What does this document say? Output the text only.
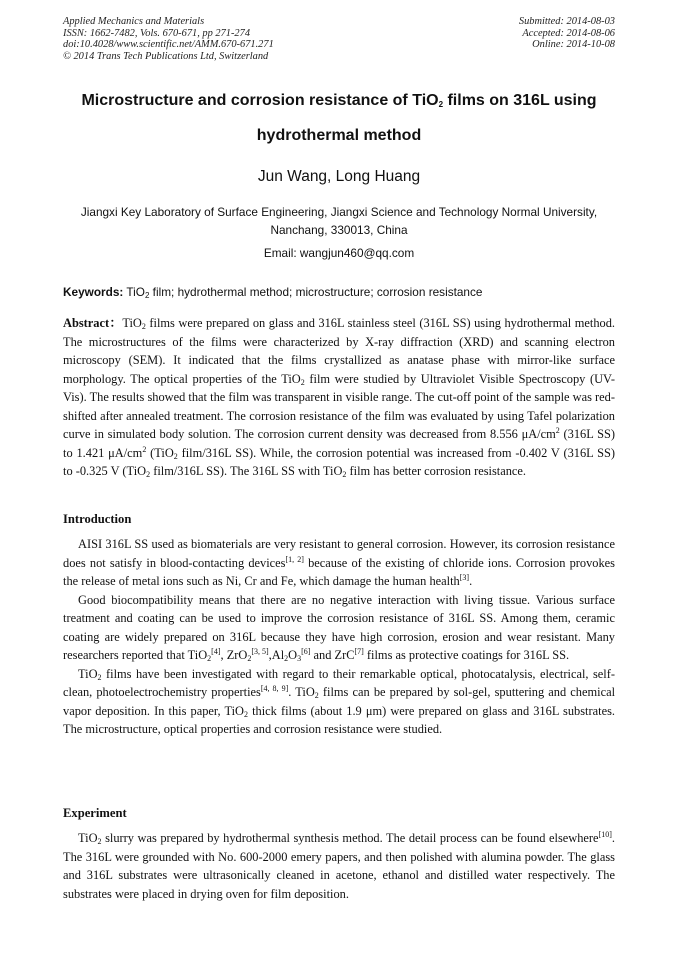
Applied Mechanics and Materials
ISSN: 1662-7482, Vols. 670-671, pp 271-274
doi:10.4028/www.scientific.net/AMM.670-671.271
© 2014 Trans Tech Publications Ltd, Switzerland
Submitted: 2014-08-03
Accepted: 2014-08-06
Online: 2014-10-08
Microstructure and corrosion resistance of TiO$_2$ films on 316L using
hydrothermal method
Jun Wang, Long Huang
Jiangxi Key Laboratory of Surface Engineering, Jiangxi Science and Technology Normal University,
Nanchang, 330013, China
Email: wangjun460@qq.com
Keywords: TiO$_2$ film; hydrothermal method; microstructure; corrosion resistance

Abstract：TiO$_2$ films were prepared on glass and 316L stainless steel (316L SS) using hydrothermal method. The microstructures of the films were characterized by X-ray diffraction (XRD) and scanning electron microscopy (SEM). It indicated that the films crystallized as anatase phase with mirror-like surface morphology. The optical properties of the TiO$_2$ film were studied by Ultraviolet Visible Spectroscopy (UV-Vis). The results showed that the film was transparent in visible range. The cut-off point of the sample was red-shifted after annealed treatment. The corrosion resistance of the film was evaluated by using Tafel polarization curve in simulated body solution. The corrosion current density was decreased from 8.556 $\mu A/cm^2$ (316L SS) to 1.421 $\mu A/cm^2$ (TiO$_2$ film/316L SS). While, the corrosion potential was increased from -0.402 V (316L SS) to -0.325 V (TiO$_2$ film/316L SS). The 316L SS with TiO$_2$ film has better corrosion resistance.

Introduction

AISI 316L SS used as biomaterials are very resistant to general corrosion. However, its corrosion resistance does not satisfy in blood-contacting devices[1, 2] because of the existing of chloride ions. Corrosion provokes the release of metal ions such as Ni, Cr and Fe, which damage the human health[3].

Good biocompatibility means that there are no negative interaction with living tissue. Various surface treatment and coating can be used to improve the corrosion resistance of 316L SS. Among them, ceramic coating are widely prepared on 316L because they have high corrosion, erosion and wear resistant. Many researchers reported that TiO$_2$[4], $ZrO_2[3, 5],Al_2O_3[6]$ and ZrC[7] films as protective coatings for 316L SS.

TiO$_2$ films have been investigated with regard to their remarkable optical, photocatalysis, electrical, self-clean, photoelectrochemistry properties[4, 8, 9]. TiO$_2$ films can be prepared by sol-gel, sputtering and chemical vapor deposition. In this paper, TiO$_2$ thick films (about 1.9 μm) were prepared on glass and 316L substrates. The microstructure, optical properties and corrosion resistance were studied.

Experiment

TiO$_2$ slurry was prepared by hydrothermal synthesis method. The detail process can be found elsewhere[10]. The 316L were grounded with No. 600-2000 emery papers, and then polished with alumina powder. The glass and 316L substrates were ultrasonically cleaned in acetone, ethanol and distilled water respectively. The substrates were placed in drying oven for film deposition.
